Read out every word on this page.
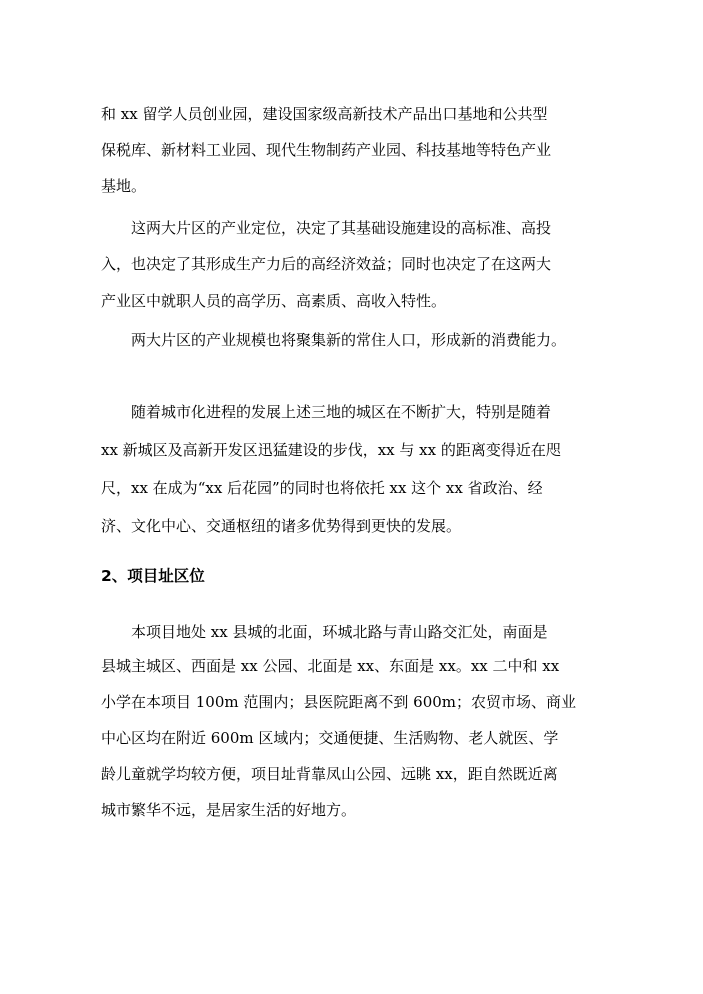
和 xx 留学人员创业园，建设国家级高新技术产品出口基地和公共型
保税库、新材料工业园、现代生物制药产业园、科技基地等特色产业
基地。
这两大片区的产业定位，决定了其基础设施建设的高标准、高投
入，也决定了其形成生产力后的高经济效益；同时也决定了在这两大
产业区中就职人员的高学历、高素质、高收入特性。
两大片区的产业规模也将聚集新的常住人口，形成新的消费能力。
随着城市化进程的发展上述三地的城区在不断扩大，特别是随着
xx 新城区及高新开发区迅猛建设的步伐，xx 与 xx 的距离变得近在咫
尺，xx 在成为“xx 后花园”的同时也将依托 xx 这个 xx 省政治、经
济、文化中心、交通枢纽的诸多优势得到更快的发展。
2、项目址区位
本项目地处 xx 县城的北面，环城北路与青山路交汇处，南面是
县城主城区、西面是 xx 公园、北面是 xx、东面是 xx。xx 二中和 xx
小学在本项目 100m 范围内；县医院距离不到 600m；农贸市场、商业
中心区均在附近 600m 区域内；交通便捷、生活购物、老人就医、学
龄儿童就学均较方便，项目址背靠凤山公园、远眺 xx，距自然既近离
城市繁华不远，是居家生活的好地方。
